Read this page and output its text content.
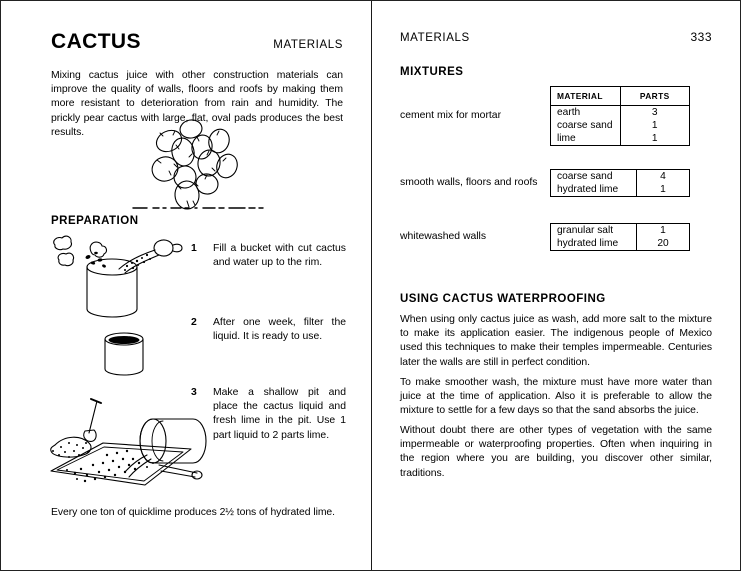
CACTUS	MATERIALS
Mixing cactus juice with other construction materials can improve the quality of walls, floors and roofs by making them more resistant to deterioration from rain and humidity. The prickly pear cactus with large, flat, oval pads produces the best results.
PREPARATION
1	Fill a bucket with cut cactus and water up to the rim.
2	After one week, filter the liquid. It is ready to use.
3	Make a shallow pit and place the cactus liquid and fresh lime in the pit. Use 1 part liquid to 2 parts lime.
Every one ton of quicklime produces 2½ tons of hydrated lime.
MATERIALS	333
MIXTURES
cement mix for mortar
MATERIAL	PARTS
earth	3
coarse sand	1
lime	1
smooth walls, floors and roofs
coarse sand	4
hydrated lime	1
whitewashed walls
granular salt	1
hydrated lime	20
USING CACTUS WATERPROOFING
When using only cactus juice as wash, add more salt to the mixture to make its application easier. The indigenous people of Mexico used this techniques to make their temples impermeable. Centuries later the walls are still in perfect condition.
To make smoother wash, the mixture must have more water than juice at the time of application. Also it is preferable to allow the mixture to settle for a few days so that the sand absorbs the juice.
Without doubt there are other types of vegetation with the same impermeable or waterproofing properties. Often when inquiring in the region where you are building, you discover other similar, traditions.
